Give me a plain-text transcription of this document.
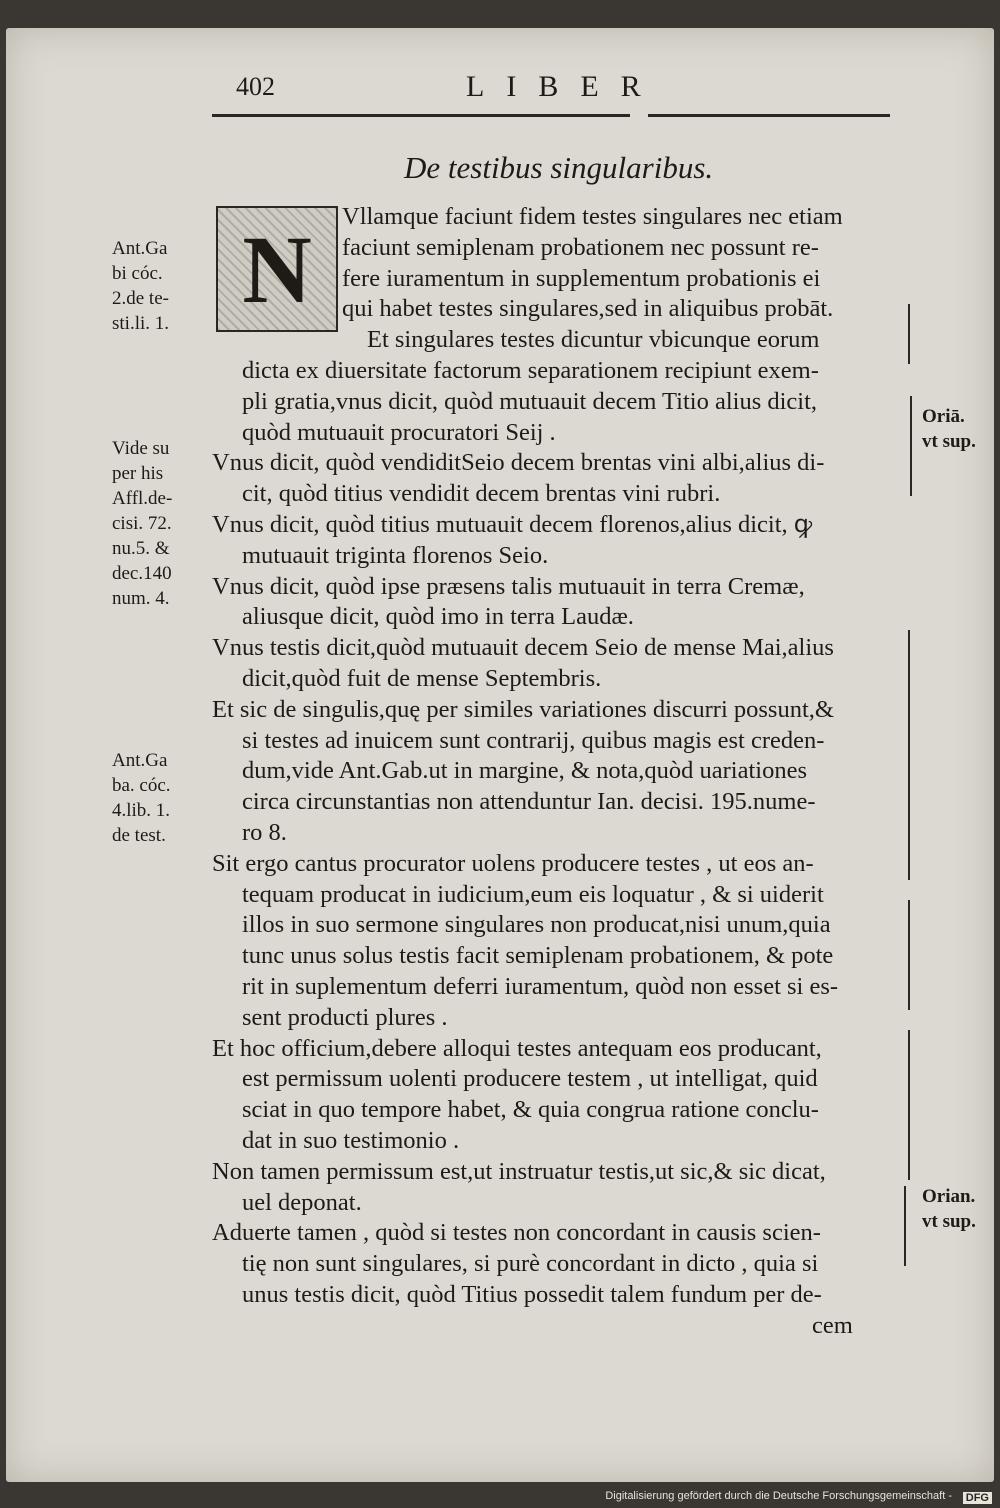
402	LIBER
De testibus singularibus.
N	Vllamque faciunt fidem testes singulares nec etiam
faciunt semiplenam probationem nec possunt re-
fere iuramentum in supplementum probationis ei
qui habet testes singulares,sed in aliquibus probāt.
Et singulares testes dicuntur vbicunque eorum
dicta ex diuersitate factorum separationem recipiunt exem-
pli gratia,vnus dicit, quòd mutuauit decem Titio alius dicit,
quòd mutuauit procuratori Seij .
Vnus dicit, quòd vendiditSeio decem brentas vini albi,alius di-
cit, quòd titius vendidit decem brentas vini rubri.
Vnus dicit, quòd titius mutuauit decem florenos,alius dicit, ꝙ
mutuauit triginta florenos Seio.
Vnus dicit, quòd ipse præsens talis mutuauit in terra Cremæ,
aliusque dicit, quòd imo in terra Laudæ.
Vnus testis dicit,quòd mutuauit decem Seio de mense Mai,alius
dicit,quòd fuit de mense Septembris.
Et sic de singulis,quę per similes variationes discurri possunt,&
si testes ad inuicem sunt contrarij, quibus magis est creden-
dum,vide Ant.Gab.ut in margine, & nota,quòd uariationes
circa circunstantias non attenduntur Ian. decisi. 195.nume-
ro 8.
Sit ergo cantus procurator uolens producere testes , ut eos an-
tequam producat in iudicium,eum eis loquatur , & si uiderit
illos in suo sermone singulares non producat,nisi unum,quia
tunc unus solus testis facit semiplenam probationem, & pote
rit in suplementum deferri iuramentum, quòd non esset si es-
sent producti plures .
Et hoc officium,debere alloqui testes antequam eos producant,
est permissum uolenti producere testem , ut intelligat, quid
sciat in quo tempore habet, & quia congrua ratione conclu-
dat in suo testimonio .
Non tamen permissum est,ut instruatur testis,ut sic,& sic dicat,
uel deponat.
Aduerte tamen , quòd si testes non concordant in causis scien-
tię non sunt singulares, si purè concordant in dicto , quia si
unus testis dicit, quòd Titius possedit talem fundum per de-
cem
Ant.Ga
bi cóc.
2.de te-
sti.li. 1.
Vide su
per his
Affl.de-
cisi. 72.
nu.5. &
dec.140
num. 4.
Ant.Ga
ba. cóc.
4.lib. 1.
de test.
Oriā.
vt sup.
Orian.
vt sup.
Digitalisierung gefördert durch die Deutsche Forschungsgemeinschaft - DFG
